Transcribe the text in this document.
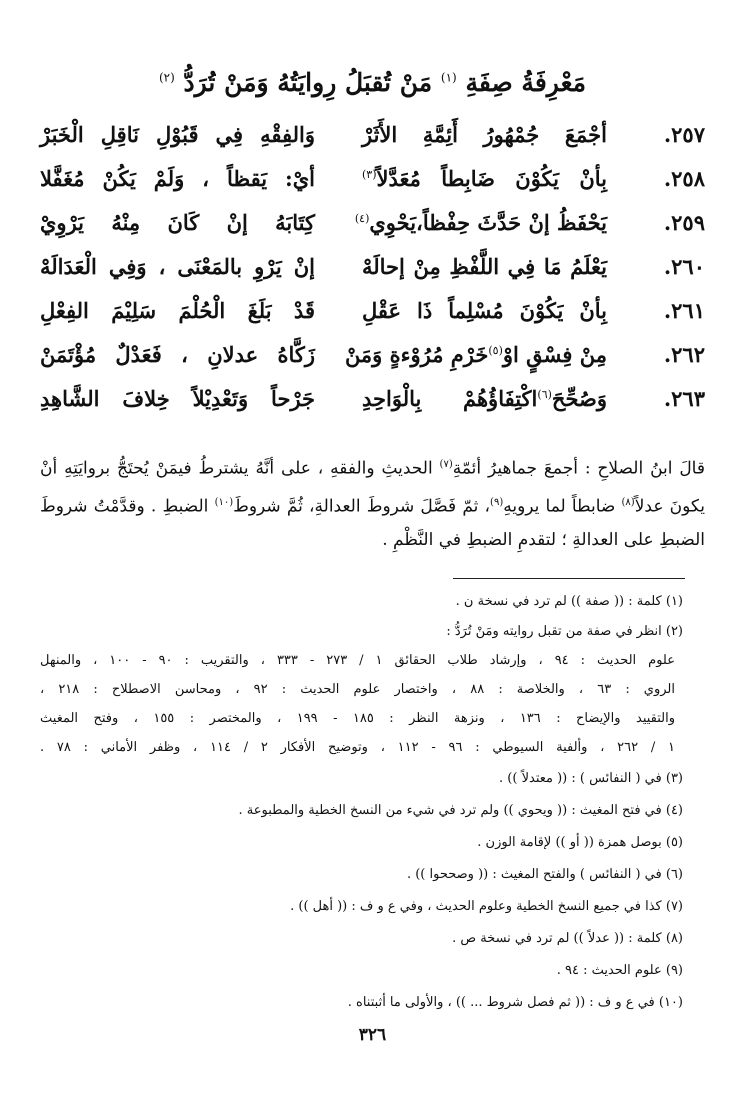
مَعْرِفَةُ صِفَةِ $^{(١)}$ مَنْ تُقبَلُ رِوايَتُهُ وَمَنْ تُرَدُّ $^{(٢)}$
٢٥٧.
أجْمَعَ جُمْهُورُ أَئِمَّةِ الأَثَرْ
وَالفِقْهِ فِي قَبُوْلِ نَاقِلِ الْخَبَرْ
٢٥٨.
بِأنْ يَكُوْنَ ضَابِطاً مُعَدَّلاً$^{(٣)}$
أيْ: يَقظاً ، وَلَمْ يَكُنْ مُغَفَّلا
٢٥٩.
يَحْفَظُ إنْ حَدَّثَ حِفْظاً،يَحْوِي$^{(٤)}$
كِتَابَهُ إنْ كَانَ مِنْهُ يَرْوِيْ
٢٦٠.
يَعْلَمُ مَا فِي اللَّفْظِ مِنْ إحالَهْ
إنْ يَرْوِ بالمَعْنَى ، وَفِي الْعَدَالَهْ
٢٦١.
بِأنْ يَكُوْنَ مُسْلِماً ذَا عَقْلِ
قَدْ بَلَغَ الْحُلْمَ سَلِيْمَ الفِعْلِ
٢٦٢.
مِنْ فِسْقٍ اوْ$^{(٥)}$خَرْمِ مُرُوْءةٍ وَمَنْ
زَكَّاهُ عدلانِ ، فَعَدْلٌ مُؤْتَمَنْ
٢٦٣.
وَصُحِّحَ$^{(٦)}$اكْتِفَاؤُهُمْ بِالْوَاحِدِ
جَرْحاً وَتَعْدِيْلاً خِلافَ الشَّاهِدِ

قالَ ابنُ الصلاحِ : أجمعَ جماهيرُ أئمّةِ$^{(٧)}$ الحديثِ والفقهِ ، على أنَّهُ يشترطُ فيمَنْ يُحتَجُّ بروايَتِهِ أنْ يكونَ عدلاً$^{(٨)}$ ضابطاً لما يرويهِ$^{(٩)}$، ثمّ فَصَّلَ شروطَ العدالةِ، ثُمَّ شروطَ$^{(١٠)}$ الضبطِ . وقدَّمْتُ شروطَ الضبطِ على العدالةِ ؛ لتقدمِ الضبطِ في النَّظْمِ .

(١) كلمة : (( صفة )) لم ترد في نسخة ن .
(٢) انظر في صفة من تقبل روايته ومَنْ تُرَدُّ :
علوم الحديث : ٩٤ ، وإرشاد طلاب الحقائق ١ / ٢٧٣ - ٣٣٣ ، والتقريب : ٩٠ - ١٠٠ ، والمنهل
الروي : ٦٣ ، والخلاصة : ٨٨ ، واختصار علوم الحديث : ٩٢ ، ومحاسن الاصطلاح : ٢١٨ ،
والتقييد والإيضاح : ١٣٦ ، ونزهة النظر : ١٨٥ - ١٩٩ ، والمختصر : ١٥٥ ، وفتح المغيث
١ / ٢٦٢ ، وألفية السيوطي : ٩٦ - ١١٢ ، وتوضيح الأفكار ٢ / ١١٤ ، وظفر الأماني : ٧٨ .
(٣) في ( النفائس ) : (( معتدلاً )) .
(٤) في فتح المغيث : (( ويحوي )) ولم ترد في شيء من النسخ الخطية والمطبوعة .
(٥) بوصل همزة (( أو )) لإقامة الوزن .
(٦) في ( النفائس ) والفتح المغيث : (( وصححوا )) .
(٧) كذا في جميع النسخ الخطية وعلوم الحديث ، وفي ع و ف : (( أهل )) .
(٨) كلمة : (( عدلاً )) لم ترد في نسخة ص .
(٩) علوم الحديث : ٩٤ .
(١٠) في ع و ف : (( ثم فصل شروط ... )) ، والأولى ما أثبتناه .
٣٢٦
